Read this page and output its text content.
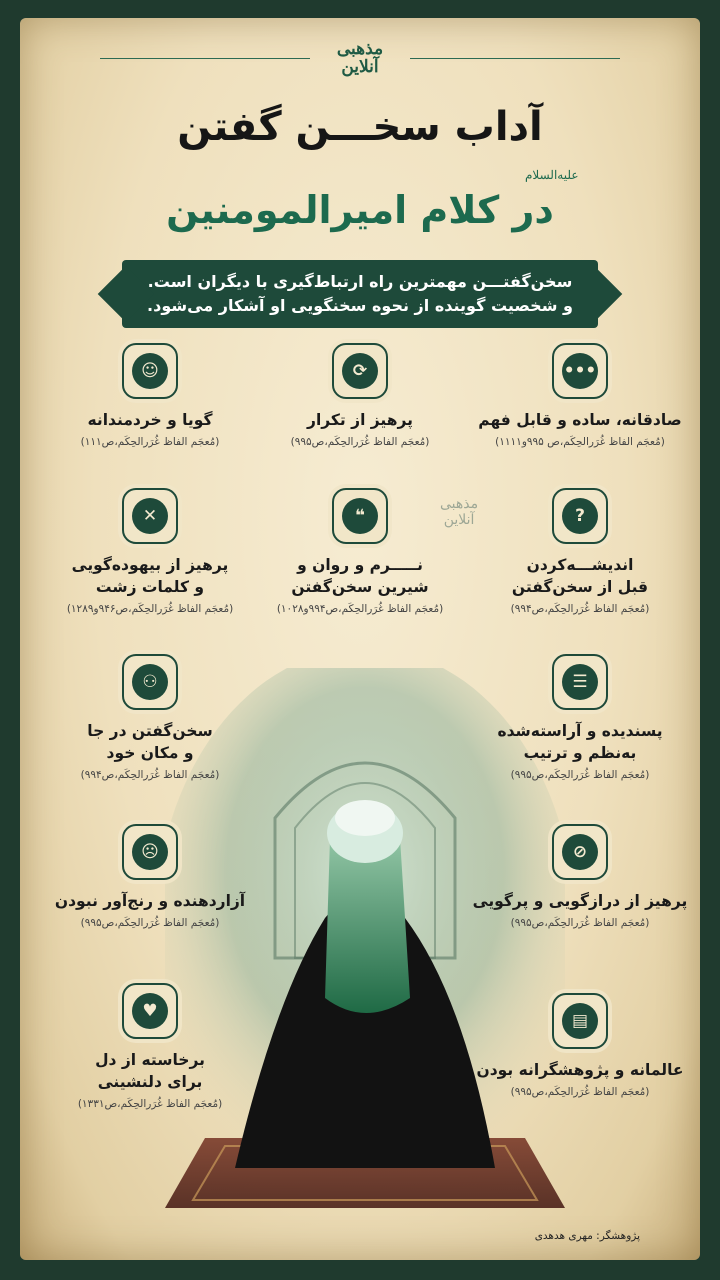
مذهبی
آنلاین
آداب سخـــن گفتن
علیه‌السلام
در کلام امیرالمومنین
سخن‌گفتـــن مهمترین راه ارتباط‌گیری با دیگران است.
و شخصیت گوینده از نحوه سخنگویی او آشکار می‌شود.
مذهبی
آنلاین
•••
صادقانه، ساده و قابل فهم
(مُعجَم الفاظ غُرَرالحِکَم،ص ۹۹۵و۱۱۱۱)
⟳
پرهیز از تکرار
(مُعجَم الفاظ غُرَرالحِکَم،ص۹۹۵)
☺
گویا و خردمندانه
(مُعجَم الفاظ غُرَرالحِکَم،ص۱۱۱)
?
اندیشـــه‌کردن
قبل از سخن‌گفتن
(مُعجَم الفاظ غُرَرالحِکَم،ص۹۹۴)
❝
نـــــرم و روان و
شیرین سخن‌گفتن
(مُعجَم الفاظ غُرَرالحِکَم،ص۹۹۴و۱۰۲۸)
✕
پرهیز از بیهوده‌گویی
و کلمات زشت
(مُعجَم الفاظ غُرَرالحِکَم،ص۹۴۶و۱۲۸۹)
☰
پسندیده و آراسته‌شده
به‌نظم و ترتیب
(مُعجَم الفاظ غُرَرالحِکَم،ص۹۹۵)
⚇
سخن‌گفتن در جا
و مکان خود
(مُعجَم الفاظ غُرَرالحِکَم،ص۹۹۴)
⊘
پرهیز از درازگویی و پرگویی
(مُعجَم الفاظ غُرَرالحِکَم،ص۹۹۵)
☹
آزاردهنده و رنج‌آور نبودن
(مُعجَم الفاظ غُرَرالحِکَم،ص۹۹۵)
▤
عالمانه و پژوهشگرانه بودن
(مُعجَم الفاظ غُرَرالحِکَم،ص۹۹۵)
♥
برخاسته از دل
برای دلنشینی
(مُعجَم الفاظ غُرَرالحِکَم،ص۱۳۳۱)
پژوهشگر: مهری هدهدی
